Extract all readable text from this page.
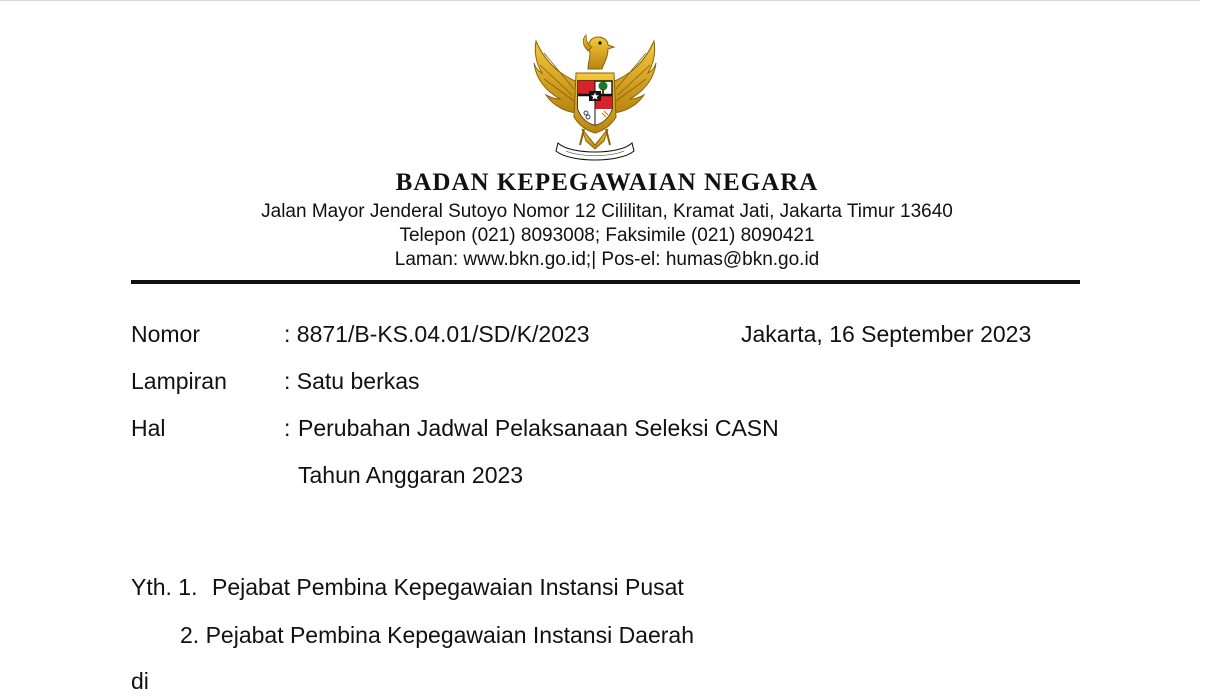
BADAN KEPEGAWAIAN NEGARA
Jalan Mayor Jenderal Sutoyo Nomor 12 Cililitan, Kramat Jati, Jakarta Timur 13640
Telepon (021) 8093008; Faksimile (021) 8090421
Laman: www.bkn.go.id;| Pos-el: humas@bkn.go.id
Nomor	: 8871/B-KS.04.01/SD/K/2023	Jakarta, 16 September 2023
Lampiran : Satu berkas
Hal	: Perubahan Jadwal Pelaksanaan Seleksi CASN
Tahun Anggaran 2023
Yth. 1. Pejabat Pembina Kepegawaian Instansi Pusat
2. Pejabat Pembina Kepegawaian Instansi Daerah
di
